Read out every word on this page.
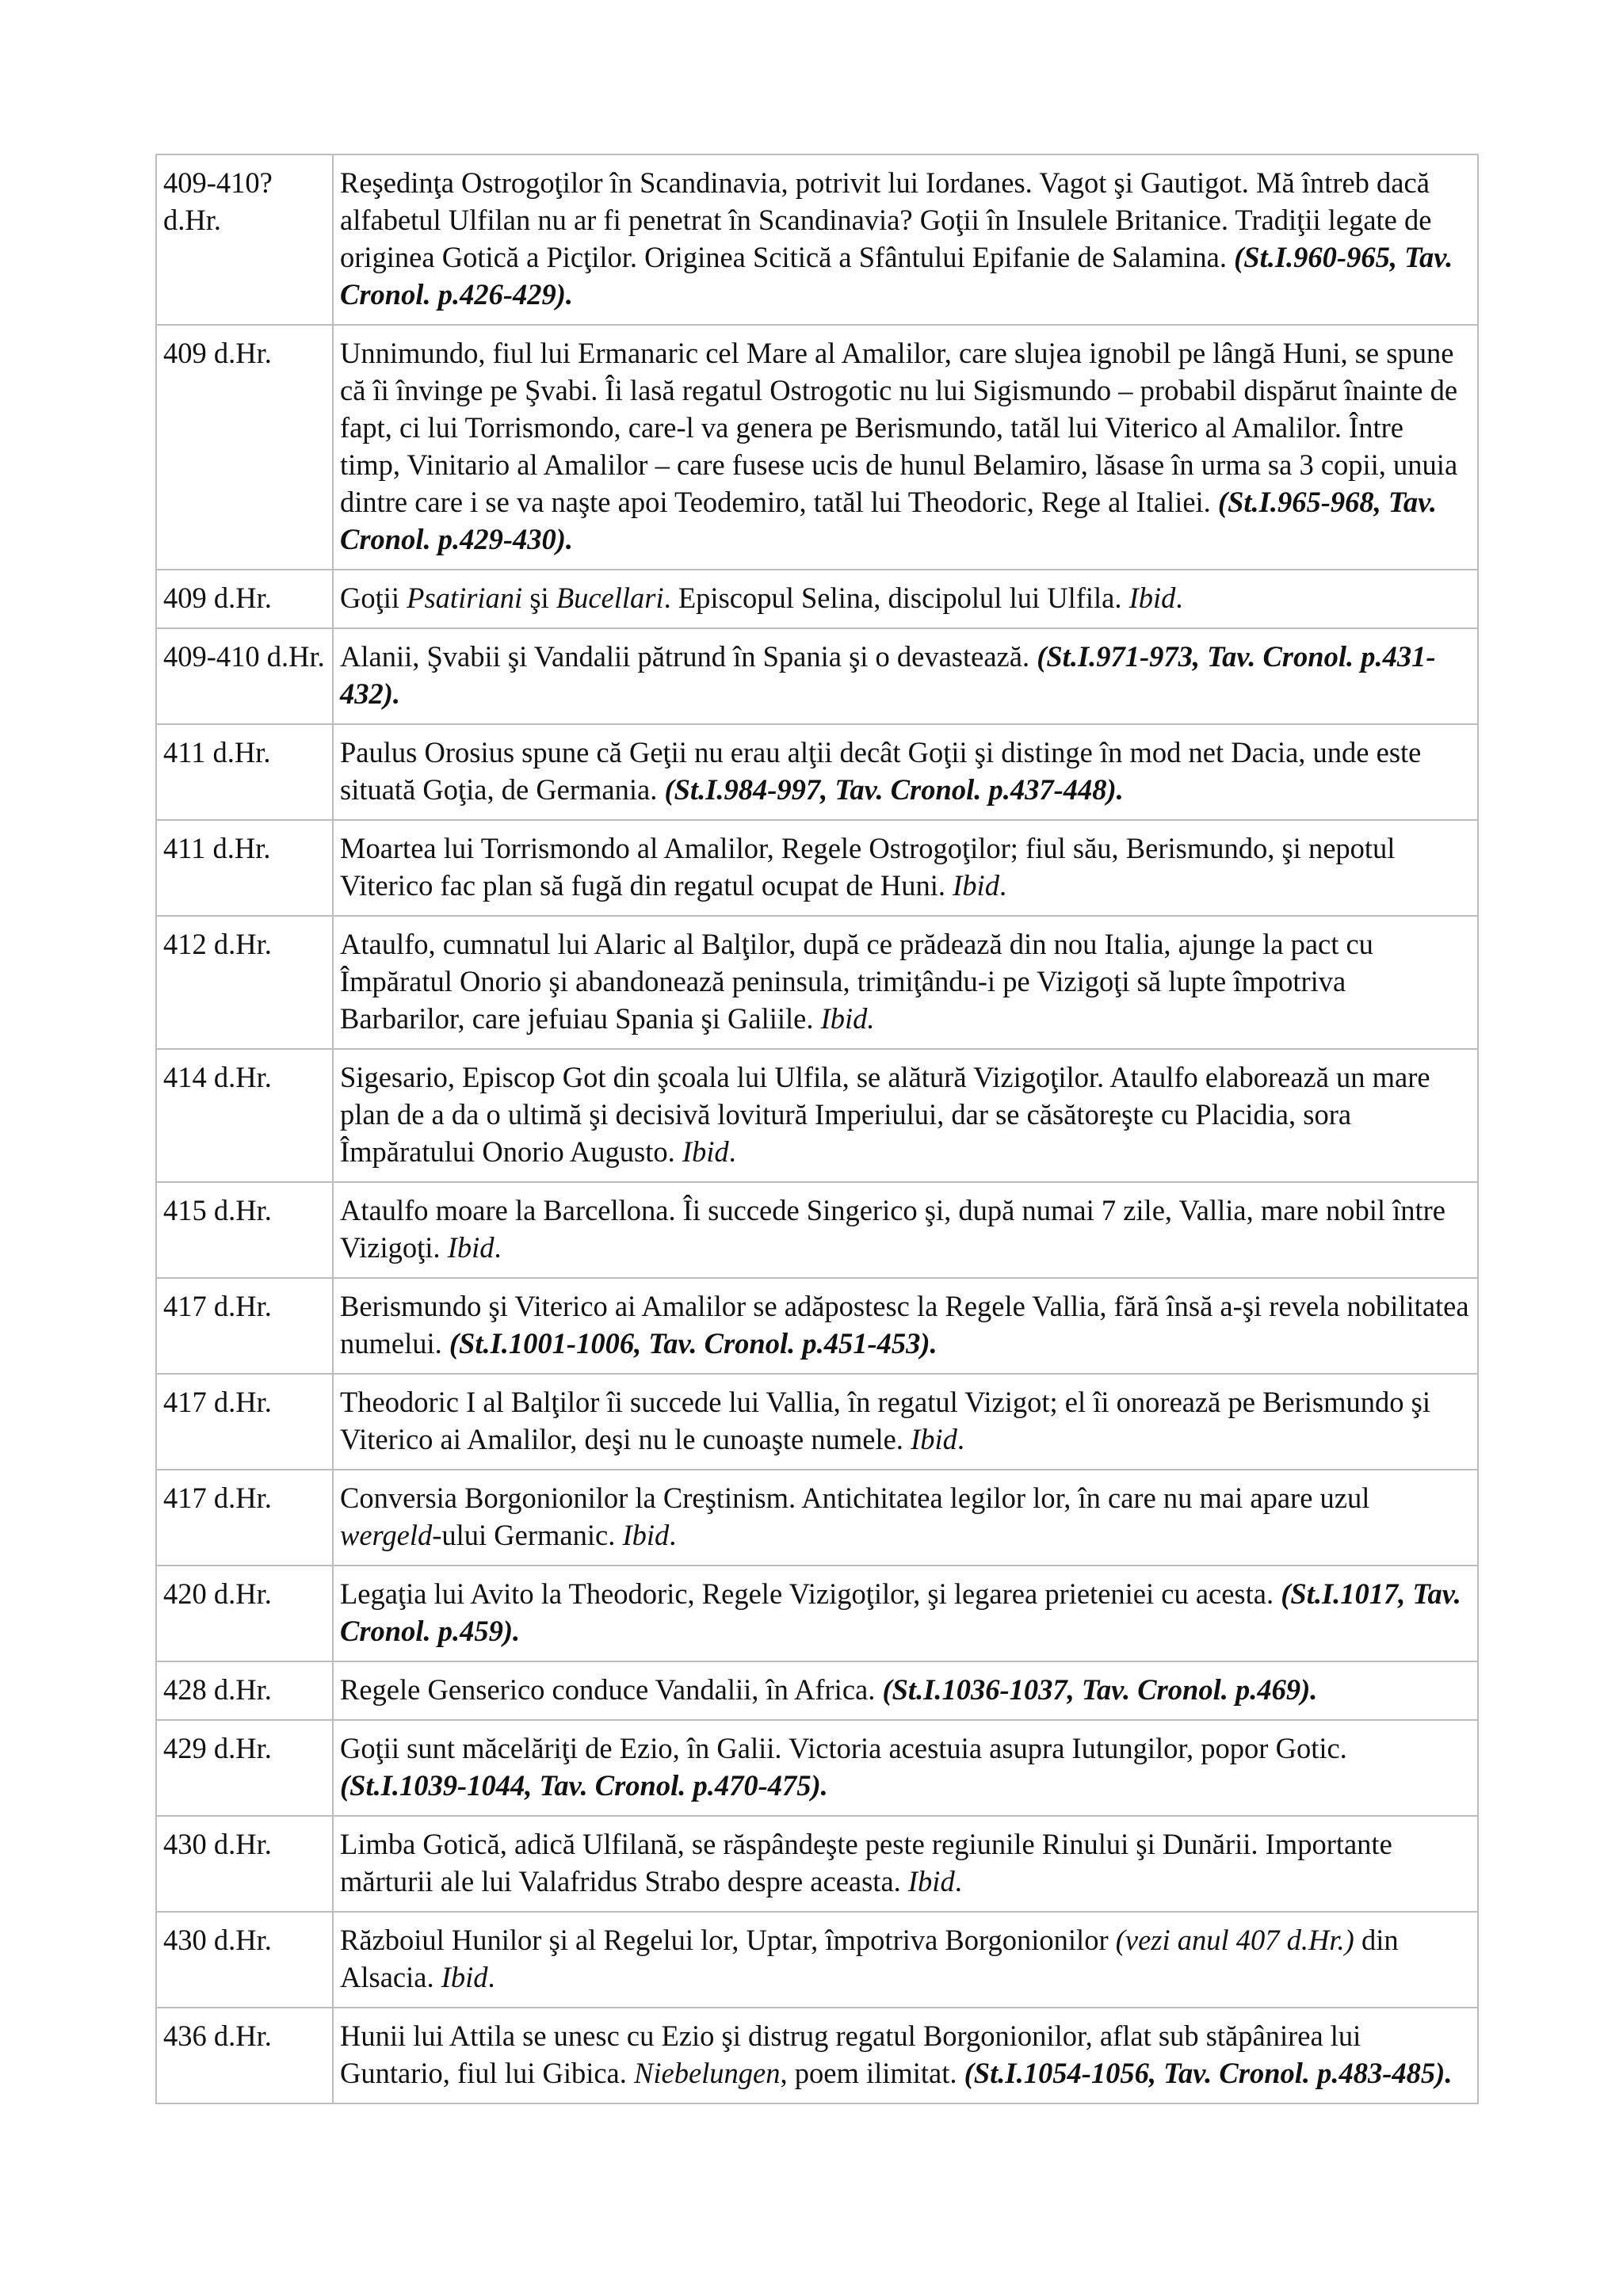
409-410? d.Hr.	Reşedinţa Ostrogoţilor în Scandinavia, potrivit lui Iordanes. Vagot şi Gautigot. Mă întreb dacă alfabetul Ulfilan nu ar fi penetrat în Scandinavia? Goţii în Insulele Britanice. Tradiţii legate de originea Gotică a Picţilor. Originea Scitică a Sfântului Epifanie de Salamina. (St.I.960-965, Tav. Cronol. p.426-429).
409 d.Hr.	Unnimundo, fiul lui Ermanaric cel Mare al Amalilor, care slujea ignobil pe lângă Huni, se spune că îi învinge pe Şvabi. Îi lasă regatul Ostrogotic nu lui Sigismundo – probabil dispărut înainte de fapt, ci lui Torrismondo, care-l va genera pe Berismundo, tatăl lui Viterico al Amalilor. Între timp, Vinitario al Amalilor – care fusese ucis de hunul Belamiro, lăsase în urma sa 3 copii, unuia dintre care i se va naşte apoi Teodemiro, tatăl lui Theodoric, Rege al Italiei. (St.I.965-968, Tav. Cronol. p.429-430).
409 d.Hr.	Goţii Psatiriani şi Bucellari. Episcopul Selina, discipolul lui Ulfila. Ibid.
409-410 d.Hr.	Alanii, Şvabii şi Vandalii pătrund în Spania şi o devastează. (St.I.971-973, Tav. Cronol. p.431-432).
411 d.Hr.	Paulus Orosius spune că Geţii nu erau alţii decât Goţii şi distinge în mod net Dacia, unde este situată Goţia, de Germania. (St.I.984-997, Tav. Cronol. p.437-448).
411 d.Hr.	Moartea lui Torrismondo al Amalilor, Regele Ostrogoţilor; fiul său, Berismundo, şi nepotul Viterico fac plan să fugă din regatul ocupat de Huni. Ibid.
412 d.Hr.	Ataulfo, cumnatul lui Alaric al Balţilor, după ce prădează din nou Italia, ajunge la pact cu Împăratul Onorio şi abandonează peninsula, trimiţându-i pe Vizigoţi să lupte împotriva Barbarilor, care jefuiau Spania şi Galiile. Ibid.
414 d.Hr.	Sigesario, Episcop Got din şcoala lui Ulfila, se alătură Vizigoţilor. Ataulfo elaborează un mare plan de a da o ultimă şi decisivă lovitură Imperiului, dar se căsătoreşte cu Placidia, sora Împăratului Onorio Augusto. Ibid.
415 d.Hr.	Ataulfo moare la Barcellona. Îi succede Singerico şi, după numai 7 zile, Vallia, mare nobil între Vizigoţi. Ibid.
417 d.Hr.	Berismundo şi Viterico ai Amalilor se adăpostesc la Regele Vallia, fără însă a-şi revela nobilitatea numelui. (St.I.1001-1006, Tav. Cronol. p.451-453).
417 d.Hr.	Theodoric I al Balţilor îi succede lui Vallia, în regatul Vizigot; el îi onorează pe Berismundo şi Viterico ai Amalilor, deşi nu le cunoaşte numele. Ibid.
417 d.Hr.	Conversia Borgonionilor la Creştinism. Antichitatea legilor lor, în care nu mai apare uzul wergeld-ului Germanic. Ibid.
420 d.Hr.	Legaţia lui Avito la Theodoric, Regele Vizigoţilor, şi legarea prieteniei cu acesta. (St.I.1017, Tav. Cronol. p.459).
428 d.Hr.	Regele Genserico conduce Vandalii, în Africa. (St.I.1036-1037, Tav. Cronol. p.469).
429 d.Hr.	Goţii sunt măcelăriţi de Ezio, în Galii. Victoria acestuia asupra Iutungilor, popor Gotic. (St.I.1039-1044, Tav. Cronol. p.470-475).
430 d.Hr.	Limba Gotică, adică Ulfilană, se răspândeşte peste regiunile Rinului şi Dunării. Importante mărturii ale lui Valafridus Strabo despre aceasta. Ibid.
430 d.Hr.	Războiul Hunilor şi al Regelui lor, Uptar, împotriva Borgonionilor (vezi anul 407 d.Hr.) din Alsacia. Ibid.
436 d.Hr.	Hunii lui Attila se unesc cu Ezio şi distrug regatul Borgonionilor, aflat sub stăpânirea lui Guntario, fiul lui Gibica. Niebelungen, poem ilimitat. (St.I.1054-1056, Tav. Cronol. p.483-485).
